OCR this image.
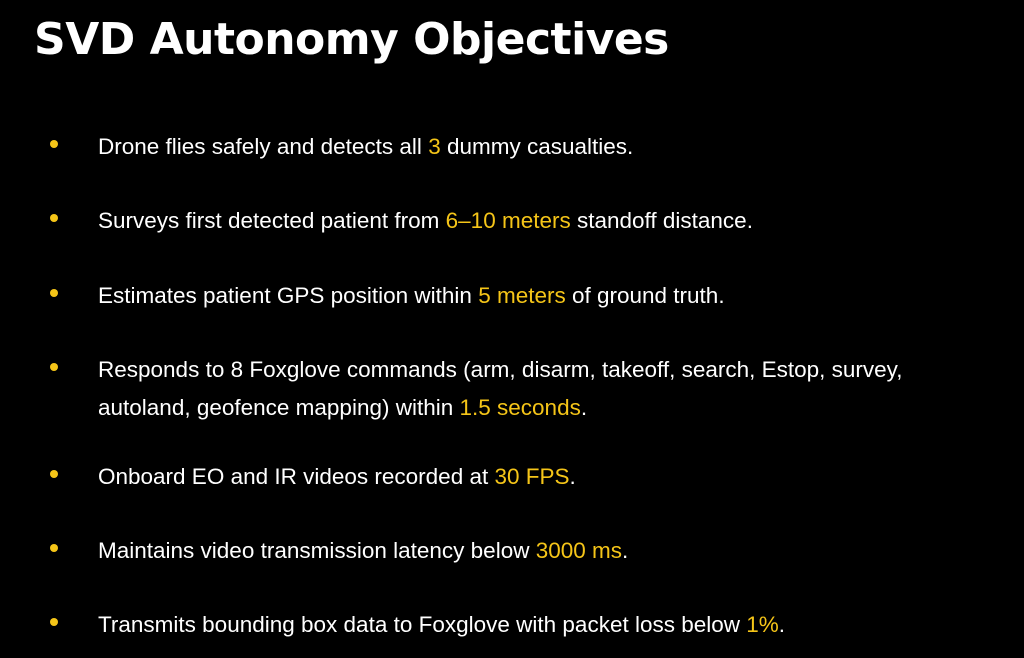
SVD Autonomy Objectives
Drone flies safely and detects all 3 dummy casualties.
Surveys first detected patient from 6–10 meters standoff distance.
Estimates patient GPS position within 5 meters of ground truth.
Responds to 8 Foxglove commands (arm, disarm, takeoff, search, Estop, survey,
autoland, geofence mapping) within 1.5 seconds.
Onboard EO and IR videos recorded at 30 FPS.
Maintains video transmission latency below 3000 ms.
Transmits bounding box data to Foxglove with packet loss below 1%.
